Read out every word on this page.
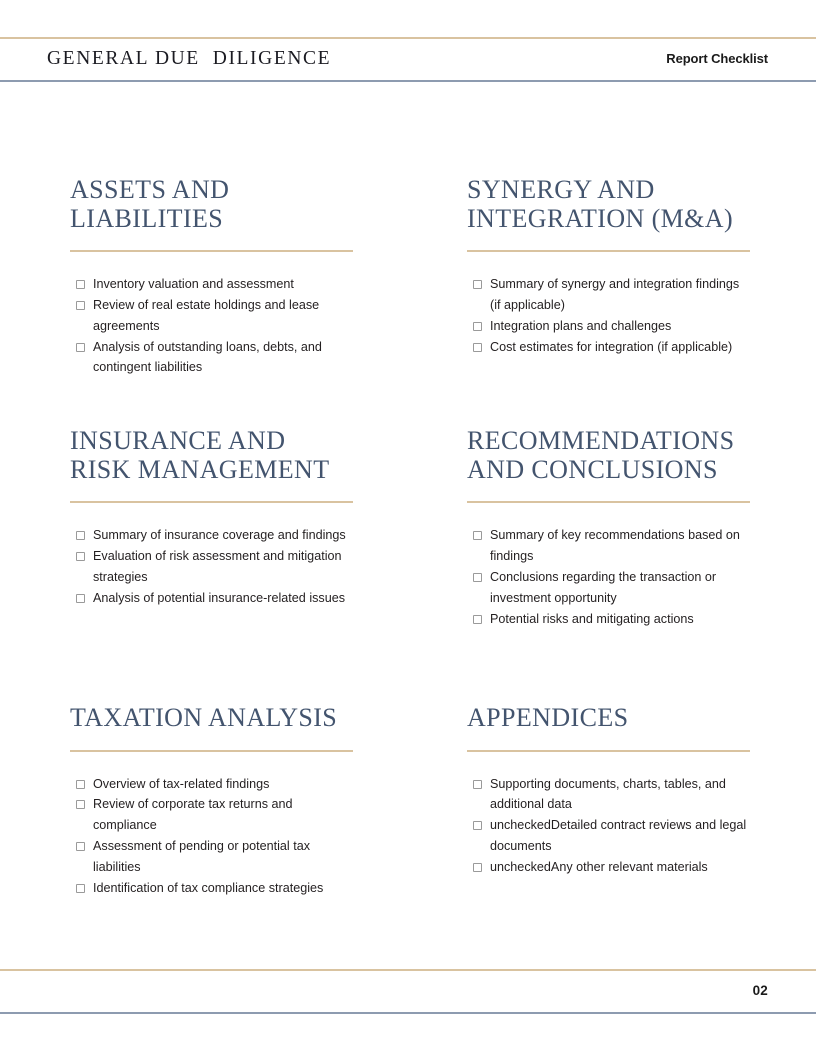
GENERAL DUE  DILIGENCE	Report Checklist
ASSETS AND LIABILITIES
Inventory valuation and assessment
Review of real estate holdings and lease agreements
Analysis of outstanding loans, debts, and contingent liabilities
SYNERGY AND INTEGRATION (M&A)
Summary of synergy and integration findings (if applicable)
Integration plans and challenges
Cost estimates for integration (if applicable)
INSURANCE AND RISK MANAGEMENT
Summary of insurance coverage and findings
Evaluation of risk assessment and mitigation strategies
Analysis of potential insurance-related issues
RECOMMENDATIONS AND CONCLUSIONS
Summary of key recommendations based on findings
Conclusions regarding the transaction or investment opportunity
Potential risks and mitigating actions
TAXATION ANALYSIS
Overview of tax-related findings
Review of corporate tax returns and compliance
Assessment of pending or potential tax liabilities
Identification of tax compliance strategies
APPENDICES
Supporting documents, charts, tables, and additional data
uncheckedDetailed contract reviews and legal documents
uncheckedAny other relevant materials
02
